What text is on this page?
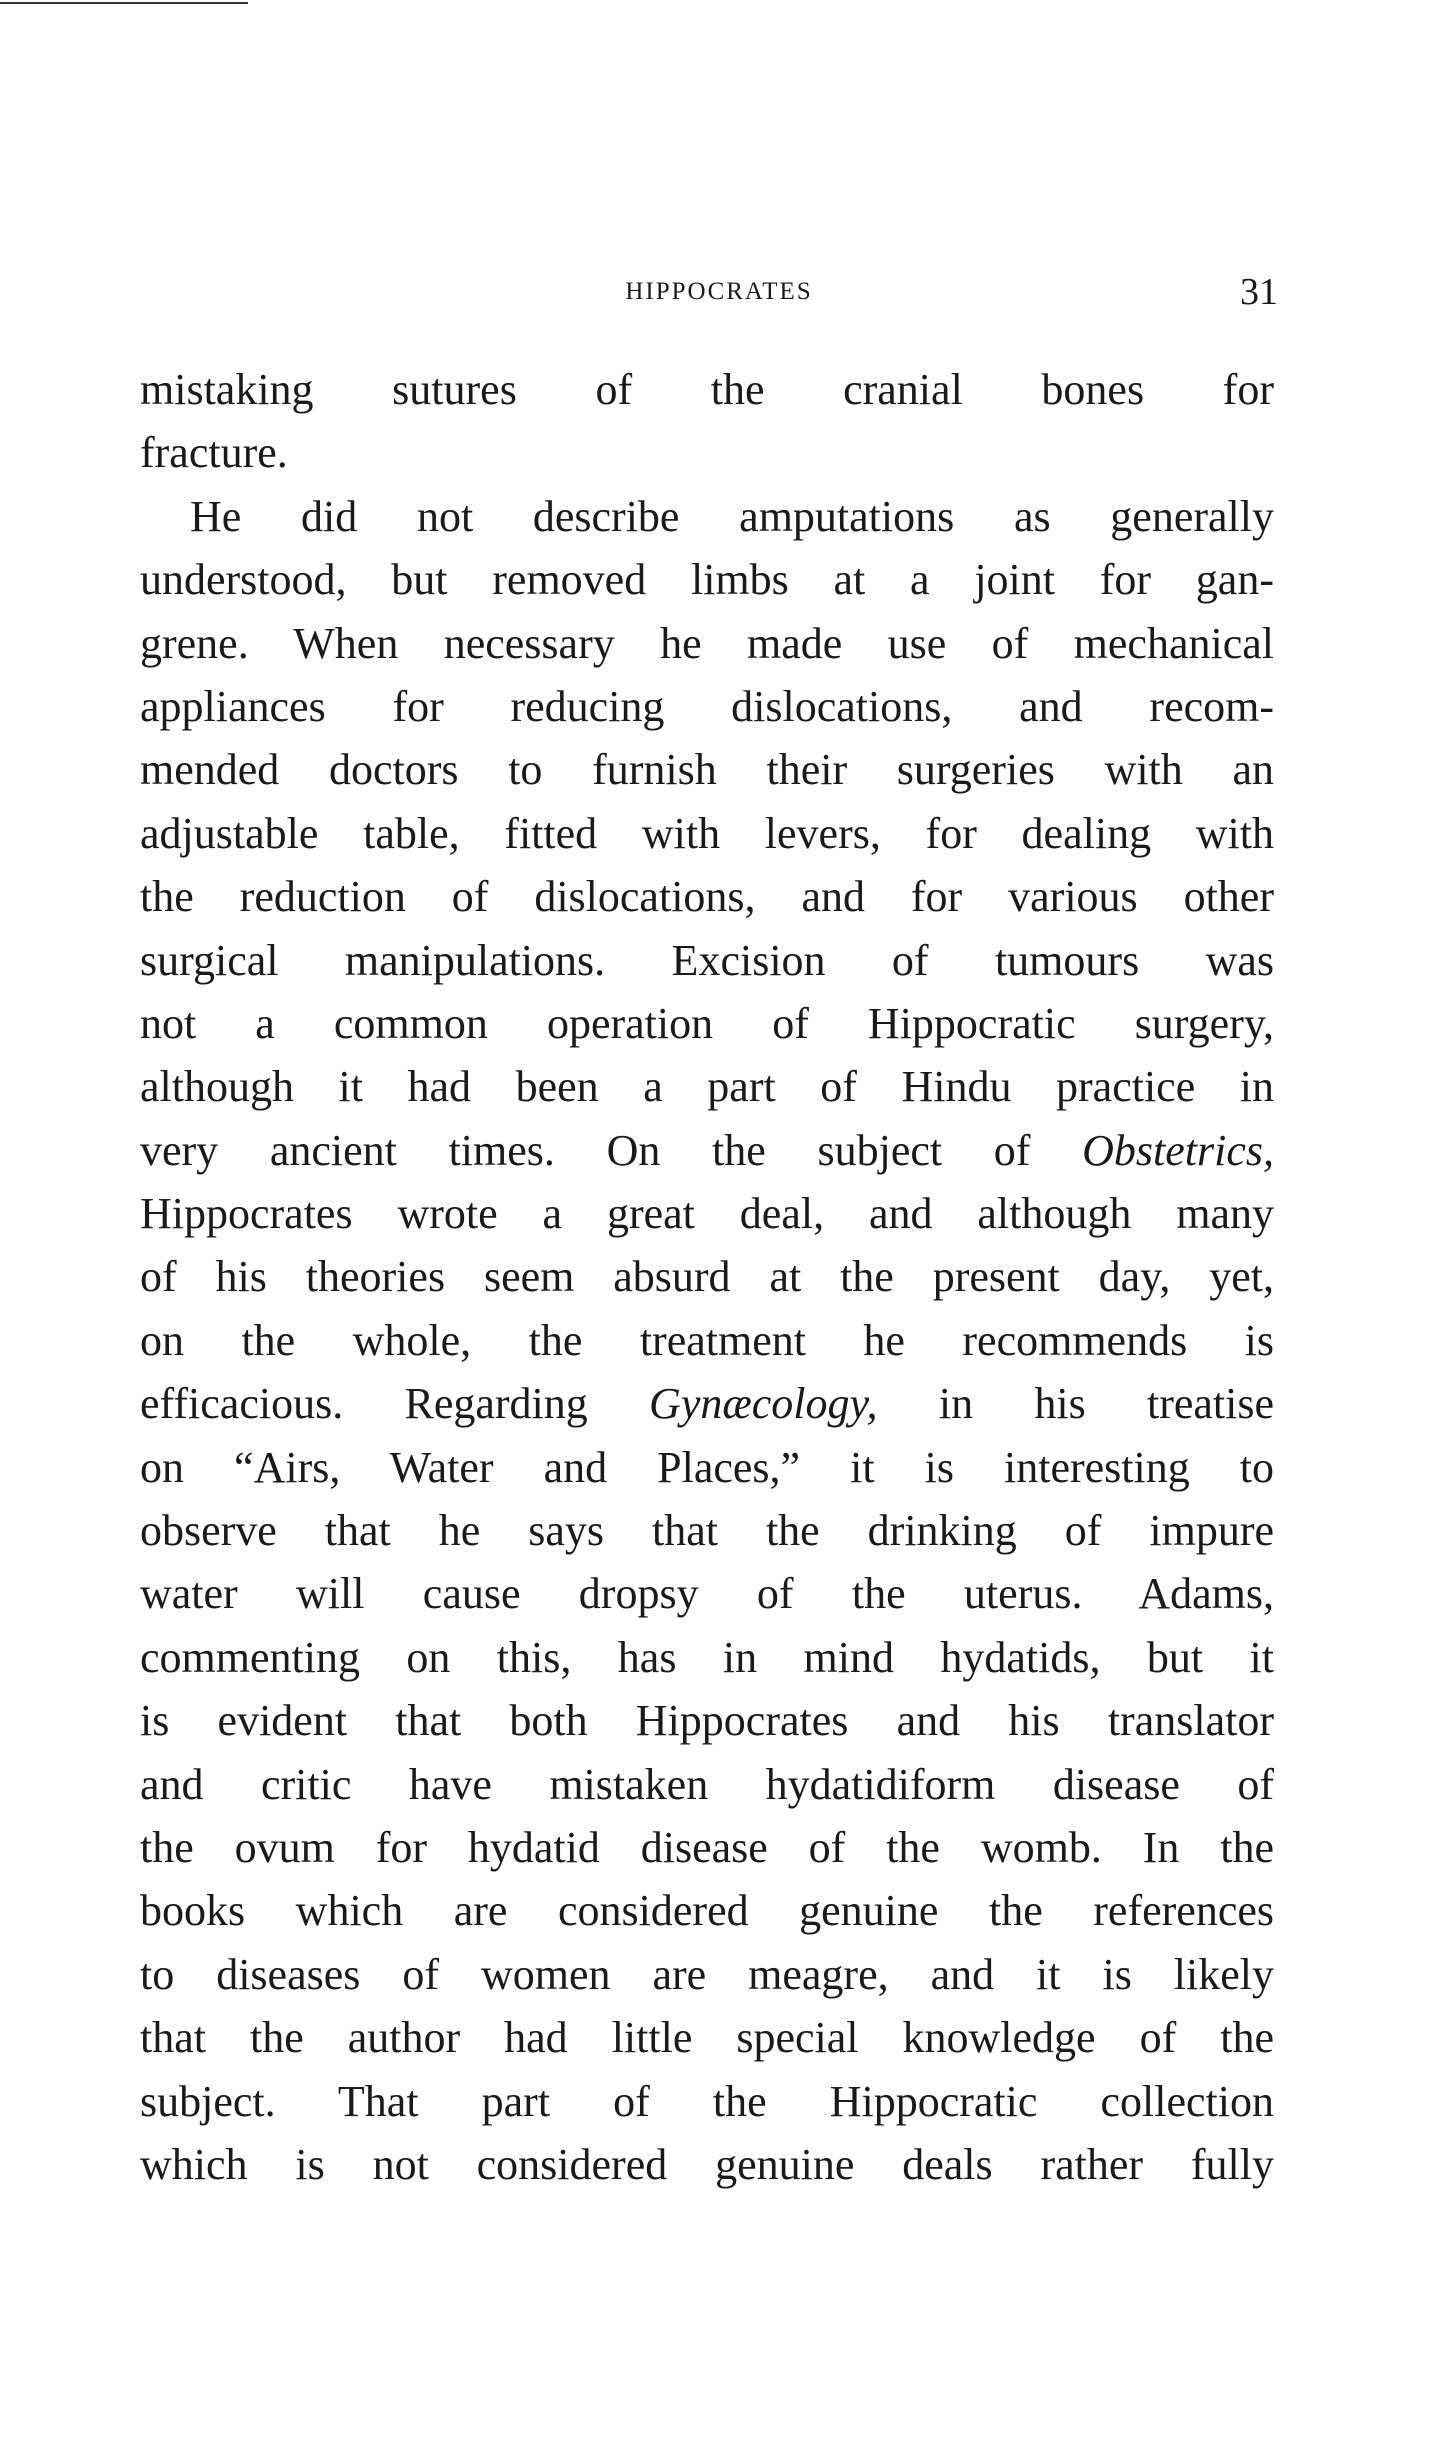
HIPPOCRATES	31
mistaking sutures of the cranial bones for
fracture.
He did not describe amputations as generally
understood, but removed limbs at a joint for gan-
grene. When necessary he made use of mechanical
appliances for reducing dislocations, and recom-
mended doctors to furnish their surgeries with an
adjustable table, fitted with levers, for dealing with
the reduction of dislocations, and for various other
surgical manipulations. Excision of tumours was
not a common operation of Hippocratic surgery,
although it had been a part of Hindu practice in
very ancient times. On the subject of Obstetrics,
Hippocrates wrote a great deal, and although many
of his theories seem absurd at the present day, yet,
on the whole, the treatment he recommends is
efficacious. Regarding Gynæcology, in his treatise
on “Airs, Water and Places,” it is interesting to
observe that he says that the drinking of impure
water will cause dropsy of the uterus. Adams,
commenting on this, has in mind hydatids, but it
is evident that both Hippocrates and his translator
and critic have mistaken hydatidiform disease of
the ovum for hydatid disease of the womb. In the
books which are considered genuine the references
to diseases of women are meagre, and it is likely
that the author had little special knowledge of the
subject. That part of the Hippocratic collection
which is not considered genuine deals rather fully
